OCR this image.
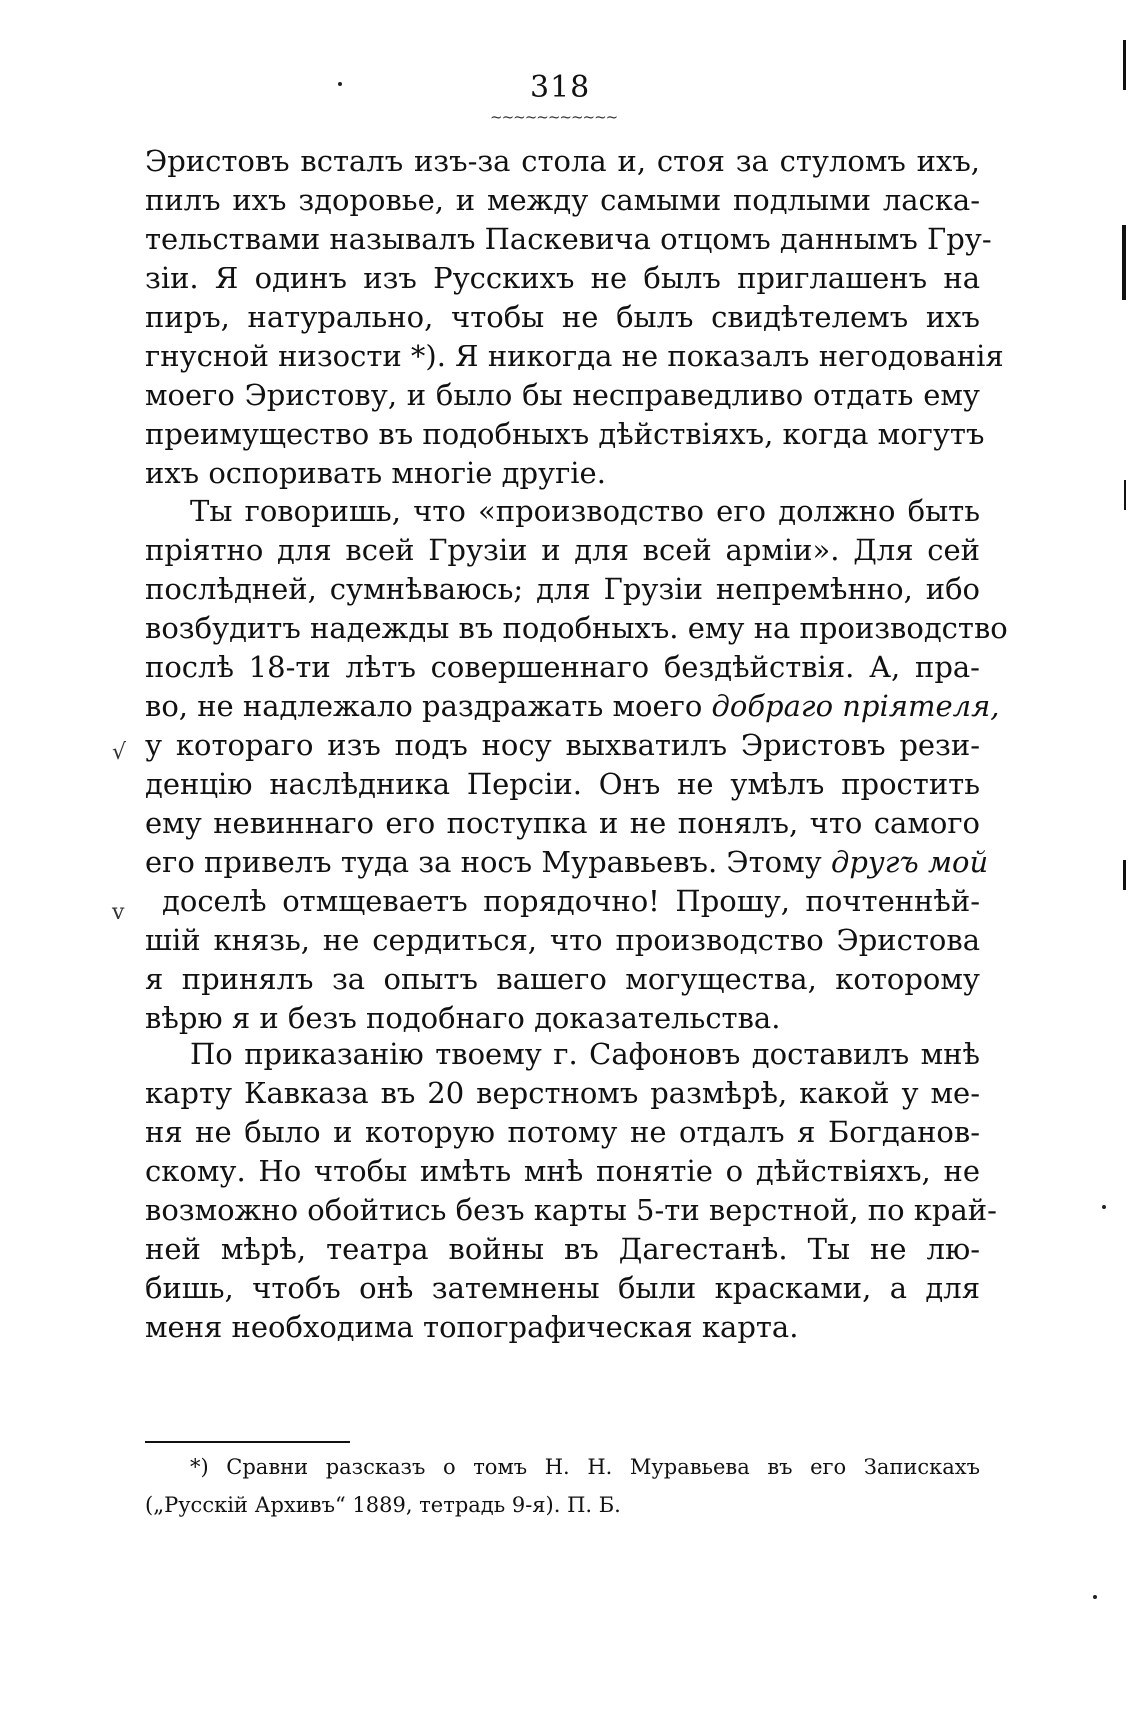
318
~~~~~~~~~~~
Эристовъ всталъ изъ-за стола и, стоя за стуломъ ихъ,
пилъ ихъ здоровье, и между самыми подлыми ласка-
тельствами называлъ Паскевича отцомъ даннымъ Гру-
зіи. Я одинъ изъ Русскихъ не былъ приглашенъ на
пиръ, натурально, чтобы не былъ свидѣтелемъ ихъ
гнусной низости *). Я никогда не показалъ негодованія
моего Эристову, и было бы несправедливо отдать ему
преимущество въ подобныхъ дѣйствіяхъ, когда могутъ
ихъ оспоривать многіе другіе.
Ты говоришь, что «производство его должно быть
пріятно для всей Грузіи и для всей арміи». Для сей
послѣдней, сумнѣваюсь; для Грузіи непремѣнно, ибо
возбудитъ надежды въ подобныхъ. ему на производство
послѣ 18-ти лѣтъ совершеннаго бездѣйствія. А, пра-
во, не надлежало раздражать моего добраго пріятеля,
у котораго изъ подъ носу выхватилъ Эристовъ рези-
денцію наслѣдника Персіи. Онъ не умѣлъ простить
ему невиннаго его поступка и не понялъ, что самого
его привелъ туда за носъ Муравьевъ. Этому другъ мой
доселѣ отмщеваетъ порядочно! Прошу, почтеннѣй-
шій князь, не сердиться, что производство Эристова
я принялъ за опытъ вашего могущества, которому
вѣрю я и безъ подобнаго доказательства.
По приказанію твоему г. Сафоновъ доставилъ мнѣ
карту Кавказа въ 20 верстномъ размѣрѣ, какой у ме-
ня не было и которую потому не отдалъ я Богданов-
скому. Но чтобы имѣть мнѣ понятіе о дѣйствіяхъ, не
возможно обойтись безъ карты 5-ти верстной, по край-
ней мѣрѣ, театра войны въ Дагестанѣ. Ты не лю-
бишь, чтобъ онѣ затемнены были красками, а для
меня необходима топографическая карта.
*) Сравни разсказъ о томъ Н. Н. Муравьева въ его Запискахъ
(„Русскій Архивъ“ 1889, тетрадь 9-я). П. Б.
√
v
